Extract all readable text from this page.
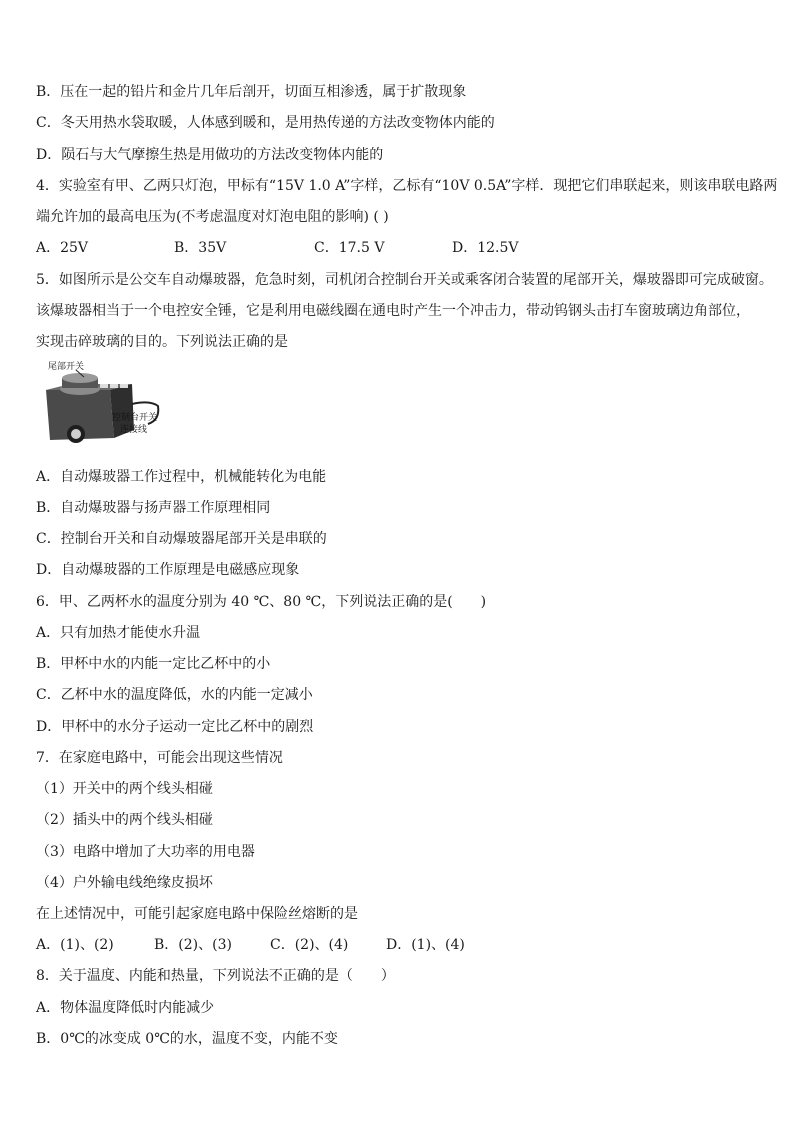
B．压在一起的铅片和金片几年后剖开，切面互相渗透，属于扩散现象
C．冬天用热水袋取暖，人体感到暖和，是用热传递的方法改变物体内能的
D．陨石与大气摩擦生热是用做功的方法改变物体内能的
4．实验室有甲、乙两只灯泡，甲标有“15V 1.0 A”字样，乙标有“10V 0.5A”字样．现把它们串联起来，则该串联电路两
端允许加的最高电压为(不考虑温度对灯泡电阻的影响) ( )
A．25V	B．35V	C．17.5 V	D．12.5V
5．如图所示是公交车自动爆玻器，危急时刻，司机闭合控制台开关或乘客闭合装置的尾部开关，爆玻器即可完成破窗。
该爆玻器相当于一个电控安全锤，它是利用电磁线圈在通电时产生一个冲击力，带动钨钢头击打车窗玻璃边角部位，
实现击碎玻璃的目的。下列说法正确的是
尾部开关
控制台开关
连接线
A．自动爆玻器工作过程中，机械能转化为电能
B．自动爆玻器与扬声器工作原理相同
C．控制台开关和自动爆玻器尾部开关是串联的
D．自动爆玻器的工作原理是电磁感应现象
6．甲、乙两杯水的温度分别为 40 ℃、80 ℃，下列说法正确的是(　　)
A．只有加热才能使水升温
B．甲杯中水的内能一定比乙杯中的小
C．乙杯中水的温度降低，水的内能一定减小
D．甲杯中的水分子运动一定比乙杯中的剧烈
7．在家庭电路中，可能会出现这些情况
（1）开关中的两个线头相碰
（2）插头中的两个线头相碰
（3）电路中增加了大功率的用电器
（4）户外输电线绝缘皮损坏
在上述情况中，可能引起家庭电路中保险丝熔断的是
A．(1)、(2)	B．(2)、(3)	C．(2)、(4)	D．(1)、(4)
8．关于温度、内能和热量，下列说法不正确的是（　　）
A．物体温度降低时内能减少
B．0℃的冰变成 0℃的水，温度不变，内能不变
